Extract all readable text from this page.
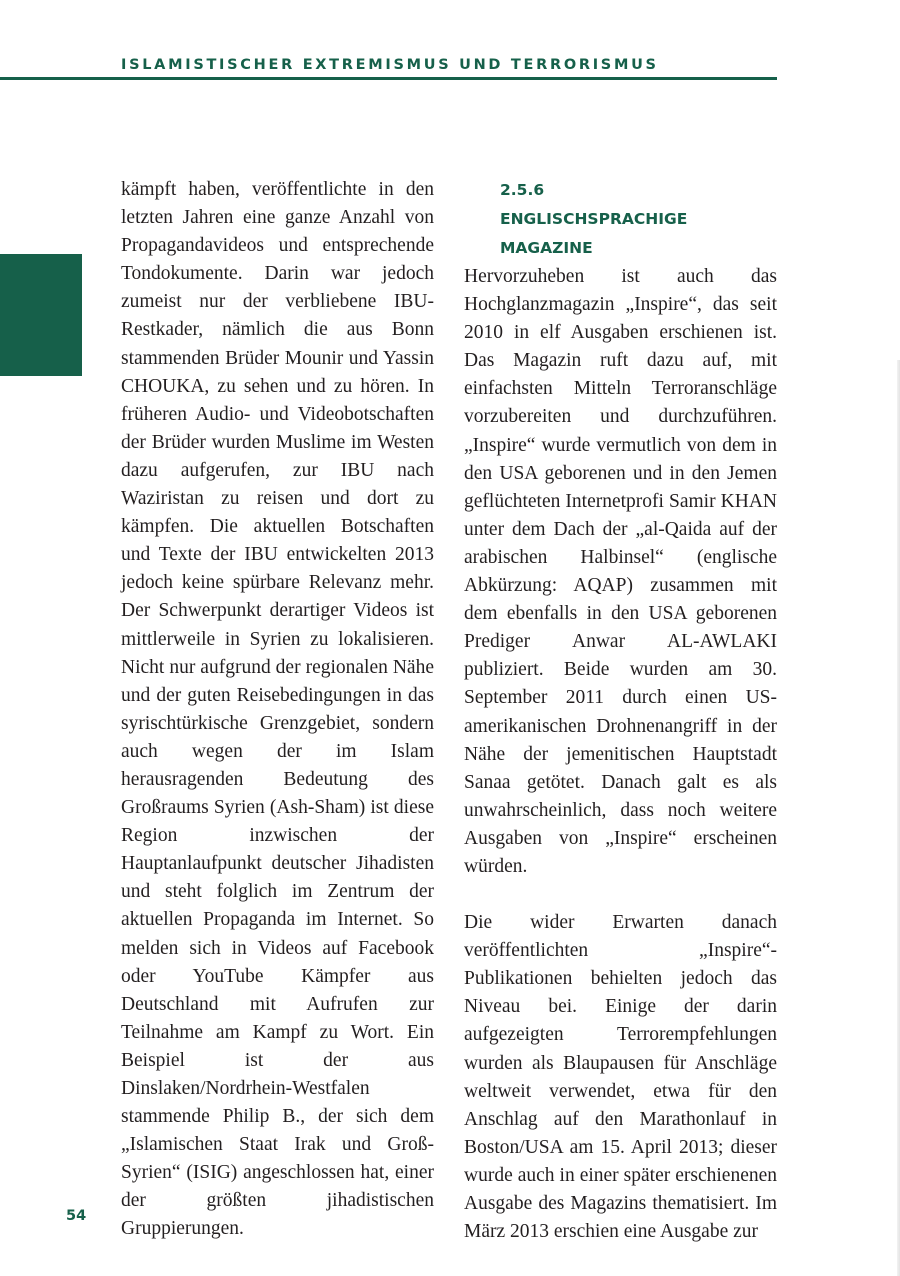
ISLAMISTISCHER EXTREMISMUS UND TERRORISMUS

kämpft haben, veröffentlichte in den letzten Jahren eine ganze Anzahl von Propagandavideos und entsprechende Tondokumente. Darin war jedoch zumeist nur der verbliebene IBU-Restkader, nämlich die aus Bonn stammenden Brüder Mounir und Yassin CHOUKA, zu sehen und zu hören. In früheren Audio- und Videobotschaften der Brüder wurden Muslime im Westen dazu aufgerufen, zur IBU nach Waziristan zu reisen und dort zu kämpfen. Die aktuellen Botschaften und Texte der IBU entwickelten 2013 jedoch keine spürbare Relevanz mehr. Der Schwerpunkt derartiger Videos ist mittlerweile in Syrien zu lokalisieren. Nicht nur aufgrund der regionalen Nähe und der guten Reisebedingungen in das syrischtürkische Grenzgebiet, sondern auch wegen der im Islam herausragenden Bedeutung des Großraums Syrien (Ash-Sham) ist diese Region inzwischen der Hauptanlaufpunkt deutscher Jihadisten und steht folglich im Zentrum der aktuellen Propaganda im Internet. So melden sich in Videos auf Facebook oder YouTube Kämpfer aus Deutschland mit Aufrufen zur Teilnahme am Kampf zu Wort. Ein Beispiel ist der aus Dinslaken/Nordrhein-Westfalen stammende Philip B., der sich dem „Islamischen Staat Irak und Groß-Syrien“ (ISIG) angeschlossen hat, einer der größten jihadistischen Gruppierungen.

2.5.6
ENGLISCHSPRACHIGE
MAGAZINE

Hervorzuheben ist auch das Hochglanzmagazin „Inspire“, das seit 2010 in elf Ausgaben erschienen ist. Das Magazin ruft dazu auf, mit einfachsten Mitteln Terroranschläge vorzubereiten und durchzuführen. „Inspire“ wurde vermutlich von dem in den USA geborenen und in den Jemen geflüchteten Internetprofi Samir KHAN unter dem Dach der „al-Qaida auf der arabischen Halbinsel“ (englische Abkürzung: AQAP) zusammen mit dem ebenfalls in den USA geborenen Prediger Anwar AL-AWLAKI publiziert. Beide wurden am 30. September 2011 durch einen US-amerikanischen Drohnenangriff in der Nähe der jemenitischen Hauptstadt Sanaa getötet. Danach galt es als unwahrscheinlich, dass noch weitere Ausgaben von „Inspire“ erscheinen würden.

Die wider Erwarten danach veröffentlichten „Inspire“-Publikationen behielten jedoch das Niveau bei. Einige der darin aufgezeigten Terrorempfehlungen wurden als Blaupausen für Anschläge weltweit verwendet, etwa für den Anschlag auf den Marathonlauf in Boston/USA am 15. April 2013; dieser wurde auch in einer später erschienenen Ausgabe des Magazins thematisiert. Im März 2013 erschien eine Ausgabe zur

54
